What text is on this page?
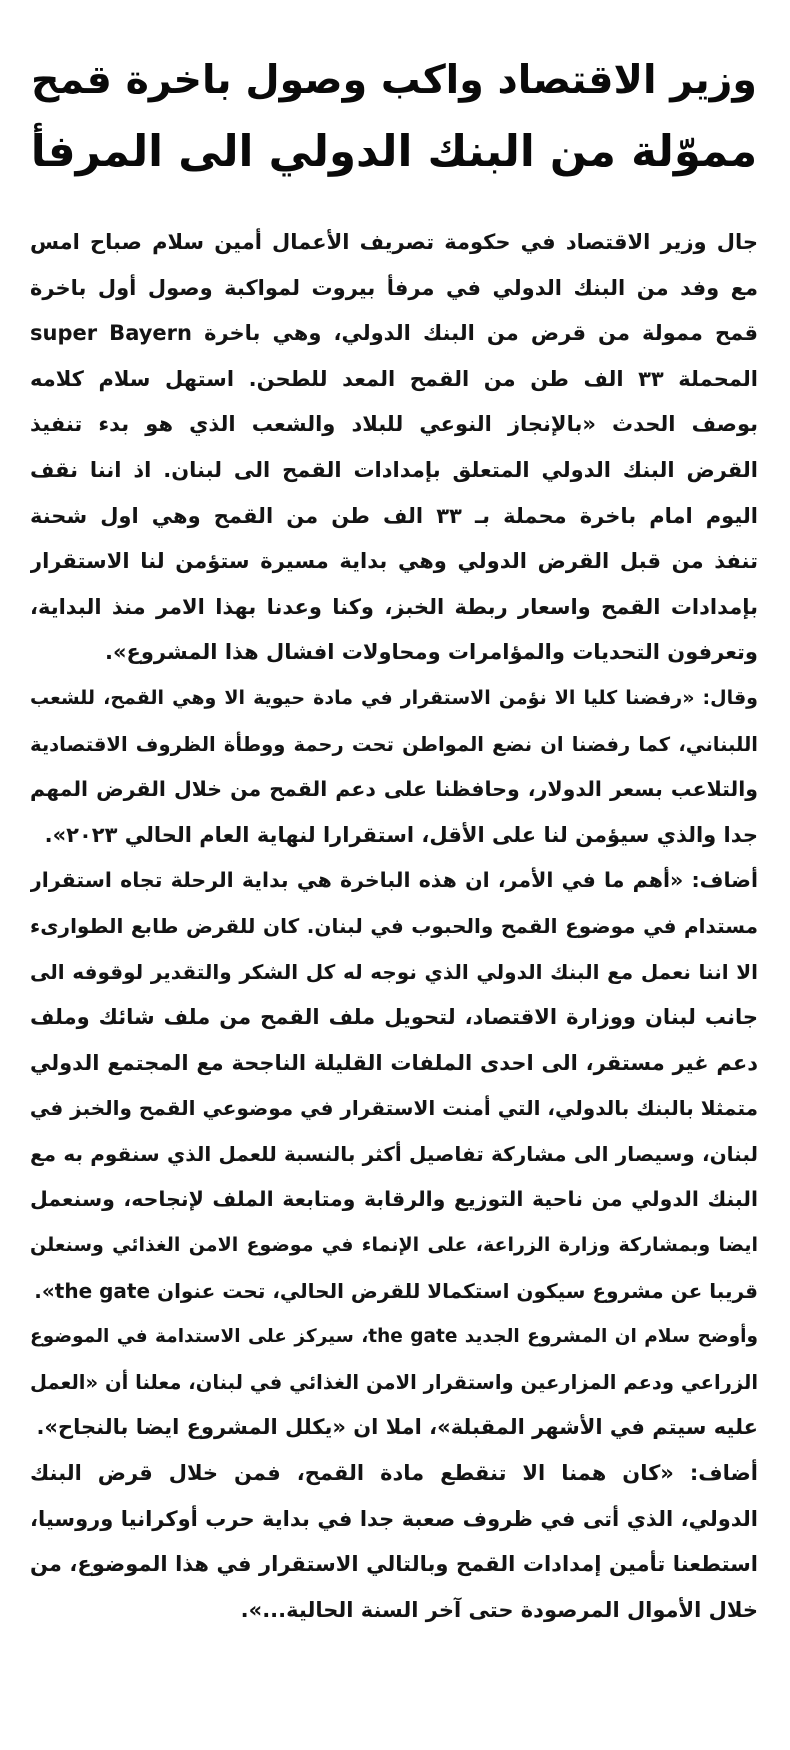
وزير الاقتصاد واكب وصول باخرة قمح
مموّلة من البنك الدولي الى المرفأ
جال وزير الاقتصاد في حكومة تصريف الأعمال أمين سلام صباح امس
مع وفد من البنك الدولي في مرفأ بيروت لمواكبة وصول أول باخرة
قمح ممولة من قرض من البنك الدولي، وهي باخرة super Bayern
المحملة ٣٣ الف طن من القمح المعد للطحن. استهل سلام كلامه
بوصف الحدث «بالإنجاز النوعي للبلاد والشعب الذي هو بدء تنفيذ
القرض البنك الدولي المتعلق بإمدادات القمح الى لبنان. اذ اننا نقف
اليوم امام باخرة محملة بـ ٣٣ الف طن من القمح وهي اول شحنة
تنفذ من قبل القرض الدولي وهي بداية مسيرة ستؤمن لنا الاستقرار
بإمدادات القمح واسعار ربطة الخبز، وكنا وعدنا بهذا الامر منذ البداية،
وتعرفون التحديات والمؤامرات ومحاولات افشال هذا المشروع».
وقال: «رفضنا كليا الا نؤمن الاستقرار في مادة حيوية الا وهي القمح، للشعب
اللبناني، كما رفضنا ان نضع المواطن تحت رحمة ووطأة الظروف الاقتصادية
والتلاعب بسعر الدولار، وحافظنا على دعم القمح من خلال القرض المهم
جدا والذي سيؤمن لنا على الأقل، استقرارا لنهاية العام الحالي ٢٠٢٣».
أضاف: «أهم ما في الأمر، ان هذه الباخرة هي بداية الرحلة تجاه استقرار
مستدام في موضوع القمح والحبوب في لبنان. كان للقرض طابع الطوارىء
الا اننا نعمل مع البنك الدولي الذي نوجه له كل الشكر والتقدير لوقوفه الى
جانب لبنان ووزارة الاقتصاد، لتحويل ملف القمح من ملف شائك وملف
دعم غير مستقر، الى احدى الملفات القليلة الناجحة مع المجتمع الدولي
متمثلا بالبنك بالدولي، التي أمنت الاستقرار في موضوعي القمح والخبز في
لبنان، وسيصار الى مشاركة تفاصيل أكثر بالنسبة للعمل الذي سنقوم به مع
البنك الدولي من ناحية التوزيع والرقابة ومتابعة الملف لإنجاحه، وسنعمل
ايضا وبمشاركة وزارة الزراعة، على الإنماء في موضوع الامن الغذائي وسنعلن
قريبا عن مشروع سيكون استكمالا للقرض الحالي، تحت عنوان the gate».
وأوضح سلام ان المشروع الجديد the gate، سيركز على الاستدامة في الموضوع
الزراعي ودعم المزارعين واستقرار الامن الغذائي في لبنان، معلنا أن «العمل
عليه سيتم في الأشهر المقبلة»، املا ان «يكلل المشروع ايضا بالنجاح».
أضاف: «كان همنا الا تنقطع مادة القمح، فمن خلال قرض البنك
الدولي، الذي أتى في ظروف صعبة جدا في بداية حرب أوكرانيا وروسيا،
استطعنا تأمين إمدادات القمح وبالتالي الاستقرار في هذا الموضوع، من
خلال الأموال المرصودة حتى آخر السنة الحالية...».
